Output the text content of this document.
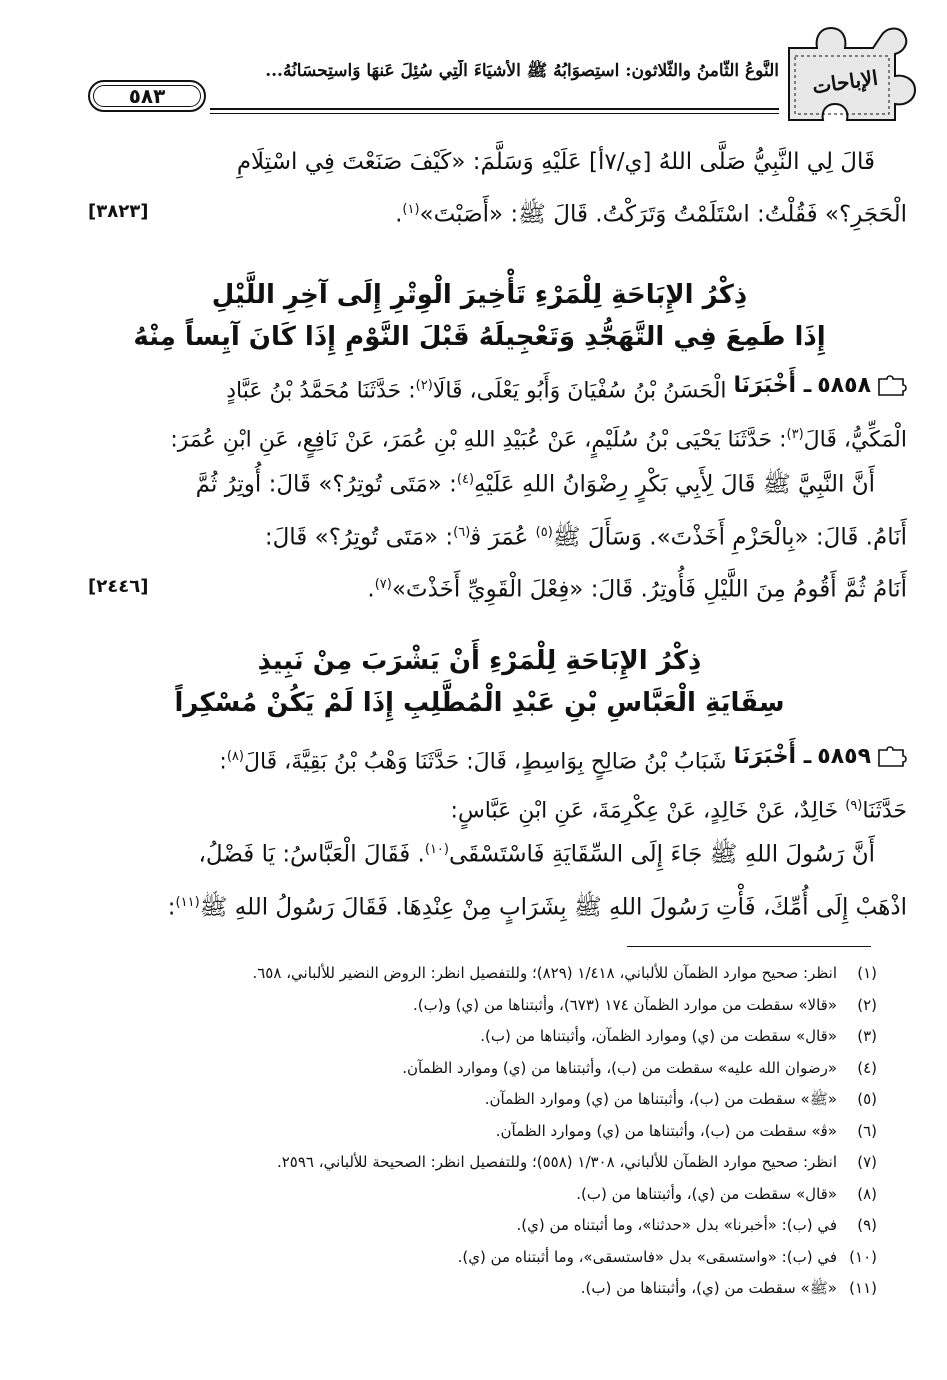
الإباحات
النَّوعُ الثَّامنُ والثَّلاثون: استِصوَابُهُ ﷺ الأَشيَاءَ الَّتِي سُئِلَ عَنهَا وَاستِحسَانُهُ...
٥٨٣

قَالَ لِي النَّبِيُّ صَلَّى اللهُ [ي/٧أ] عَلَيْهِ وَسَلَّمَ: «كَيْفَ صَنَعْتَ فِي اسْتِلَامِ

الْحَجَرِ؟» فَقُلْتُ: اسْتَلَمْتُ وَتَرَكْتُ. قَالَ ﷺ: «أَصَبْتَ»$^{(١)}$.
[٣٨٢٣]

ذِكْرُ الإِبَاحَةِ لِلْمَرْءِ تَأْخِيرَ الْوِتْرِ إِلَى آخِرِ اللَّيْلِ

إِذَا طَمِعَ فِي التَّهَجُّدِ وَتَعْجِيلَهُ قَبْلَ النَّوْمِ إِذَا كَانَ آيِساً مِنْهُ

٥٨٥٨
ـ أَخْبَرَنَا
الْحَسَنُ بْنُ سُفْيَانَ وَأَبُو يَعْلَى، قَالَا$^{(٢)}$: حَدَّثَنَا مُحَمَّدُ بْنُ عَبَّادٍ

الْمَكِّيُّ، قَالَ$^{(٣)}$: حَدَّثَنَا يَحْيَى بْنُ سُلَيْمٍ، عَنْ عُبَيْدِ اللهِ بْنِ عُمَرَ، عَنْ نَافِعٍ، عَنِ ابْنِ عُمَرَ:

أَنَّ النَّبِيَّ ﷺ قَالَ لِأَبِي بَكْرٍ رِضْوَانُ اللهِ عَلَيْهِ$^{(٤)}$: «مَتَى تُوتِرُ؟» قَالَ: أُوتِرُ ثُمَّ

أَنَامُ. قَالَ: «بِالْحَزْمِ أَخَذْتَ». وَسَأَلَ ﷺ$^{(٥)}$ عُمَرَ ﭬ$^{(٦)}$: «مَتَى تُوتِرُ؟» قَالَ:

أَنَامُ ثُمَّ أَقُومُ مِنَ اللَّيْلِ فَأُوتِرُ. قَالَ: «فِعْلَ الْقَوِيِّ أَخَذْتَ»$^{(٧)}$.
[٢٤٤٦]

ذِكْرُ الإِبَاحَةِ لِلْمَرْءِ أَنْ يَشْرَبَ مِنْ نَبِيذِ

سِقَايَةِ الْعَبَّاسِ بْنِ عَبْدِ الْمُطَّلِبِ إِذَا لَمْ يَكُنْ مُسْكِراً

٥٨٥٩
ـ أَخْبَرَنَا
شَبَابُ بْنُ صَالِحٍ بِوَاسِطٍ، قَالَ: حَدَّثَنَا وَهْبُ بْنُ بَقِيَّةَ، قَالَ$^{(٨)}$:

حَدَّثَنَا$^{(٩)}$ خَالِدٌ، عَنْ خَالِدٍ، عَنْ عِكْرِمَةَ، عَنِ ابْنِ عَبَّاسٍ:

أَنَّ رَسُولَ اللهِ ﷺ جَاءَ إِلَى السِّقَايَةِ فَاسْتَسْقَى$^{(١٠)}$. فَقَالَ الْعَبَّاسُ: يَا فَضْلُ،

اذْهَبْ إِلَى أُمِّكَ، فَأْتِ رَسُولَ اللهِ ﷺ بِشَرَابٍ مِنْ عِنْدِهَا. فَقَالَ رَسُولُ اللهِ ﷺ$^{(١١)}$:

(١)انظر: صحيح موارد الظمآن للألباني، ١/٤١٨ (٨٢٩)؛ وللتفصيل انظر: الروض النضير للألباني، ٦٥٨.
(٢)«قالا» سقطت من موارد الظمآن ١٧٤ (٦٧٣)، وأثبتناها من (ي) و(ب).
(٣)«قال» سقطت من (ي) وموارد الظمآن، وأثبتناها من (ب).
(٤)«رضوان الله عليه» سقطت من (ب)، وأثبتناها من (ي) وموارد الظمآن.
(٥)«ﷺ» سقطت من (ب)، وأثبتناها من (ي) وموارد الظمآن.
(٦)«ﭬ» سقطت من (ب)، وأثبتناها من (ي) وموارد الظمآن.
(٧)انظر: صحيح موارد الظمآن للألباني، ١/٣٠٨ (٥٥٨)؛ وللتفصيل انظر: الصحيحة للألباني، ٢٥٩٦.
(٨)«قال» سقطت من (ي)، وأثبتناها من (ب).
(٩)في (ب): «أخبرنا» بدل «حدثنا»، وما أثبتناه من (ي).
(١٠)في (ب): «واستسقى» بدل «فاستسقى»، وما أثبتناه من (ي).
(١١)«ﷺ» سقطت من (ي)، وأثبتناها من (ب).
